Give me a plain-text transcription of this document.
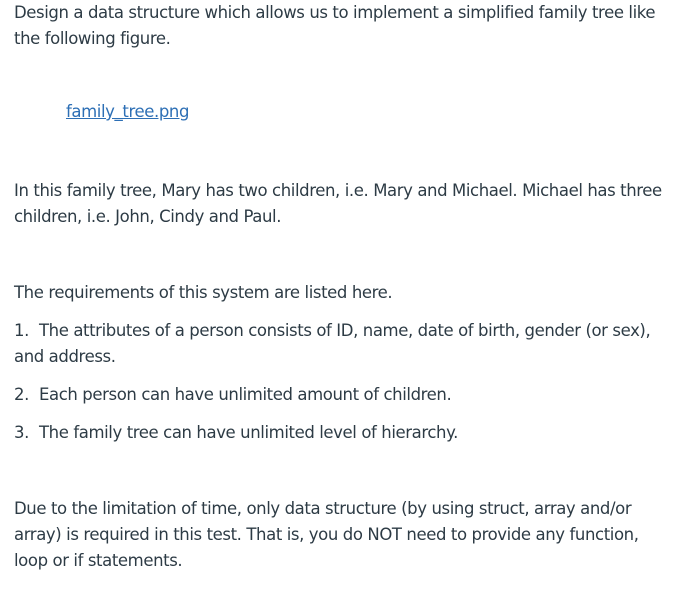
Design a data structure which allows us to implement a simplified family tree like the following figure.

family_tree.png

In this family tree, Mary has two children, i.e. Mary and Michael. Michael has three children, i.e. John, Cindy and Paul.

The requirements of this system are listed here.

1. The attributes of a person consists of ID, name, date of birth, gender (or sex), and address.
2. Each person can have unlimited amount of children.
3. The family tree can have unlimited level of hierarchy.

Due to the limitation of time, only data structure (by using struct, array and/or array) is required in this test. That is, you do NOT need to provide any function, loop or if statements.
